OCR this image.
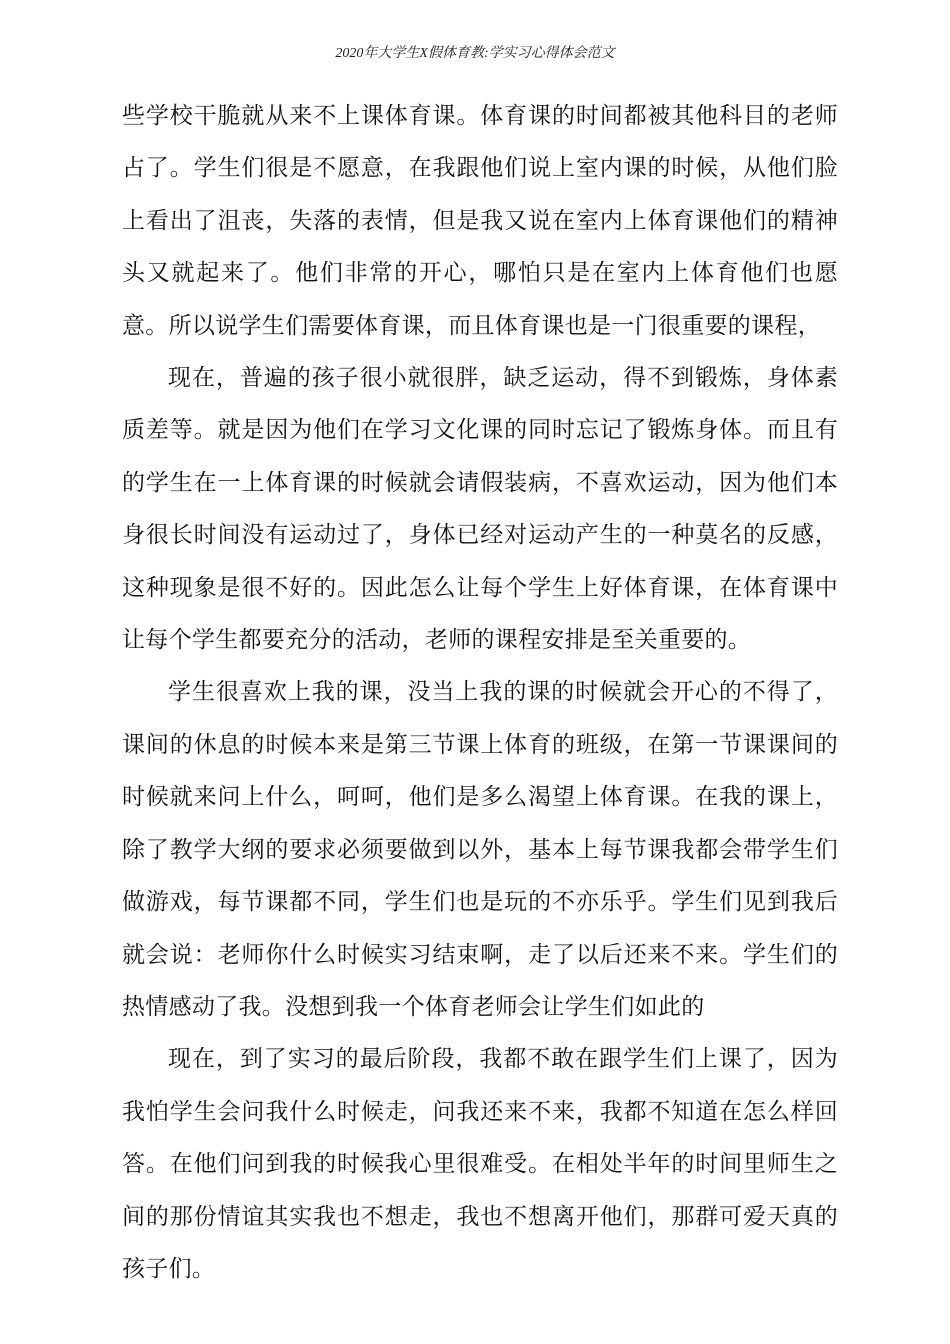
2020年大学生X假体育教:学实习心得体会范文

些学校干脆就从来不上课体育课。体育课的时间都被其他科目的老师占了。学生们很是不愿意，在我跟他们说上室内课的时候，从他们脸上看出了沮丧，失落的表情，但是我又说在室内上体育课他们的精神头又就起来了。他们非常的开心，哪怕只是在室内上体育他们也愿意。所以说学生们需要体育课，而且体育课也是一门很重要的课程，

现在，普遍的孩子很小就很胖，缺乏运动，得不到锻炼，身体素质差等。就是因为他们在学习文化课的同时忘记了锻炼身体。而且有的学生在一上体育课的时候就会请假装病，不喜欢运动，因为他们本身很长时间没有运动过了，身体已经对运动产生的一种莫名的反感，这种现象是很不好的。因此怎么让每个学生上好体育课，在体育课中让每个学生都要充分的活动，老师的课程安排是至关重要的。

学生很喜欢上我的课，没当上我的课的时候就会开心的不得了，课间的休息的时候本来是第三节课上体育的班级，在第一节课课间的时候就来问上什么，呵呵，他们是多么渴望上体育课。在我的课上，除了教学大纲的要求必须要做到以外，基本上每节课我都会带学生们做游戏，每节课都不同，学生们也是玩的不亦乐乎。学生们见到我后就会说：老师你什么时候实习结束啊，走了以后还来不来。学生们的热情感动了我。没想到我一个体育老师会让学生们如此的

现在，到了实习的最后阶段，我都不敢在跟学生们上课了，因为我怕学生会问我什么时候走，问我还来不来，我都不知道在怎么样回答。在他们问到我的时候我心里很难受。在相处半年的时间里师生之间的那份情谊其实我也不想走，我也不想离开他们，那群可爱天真的孩子们。
